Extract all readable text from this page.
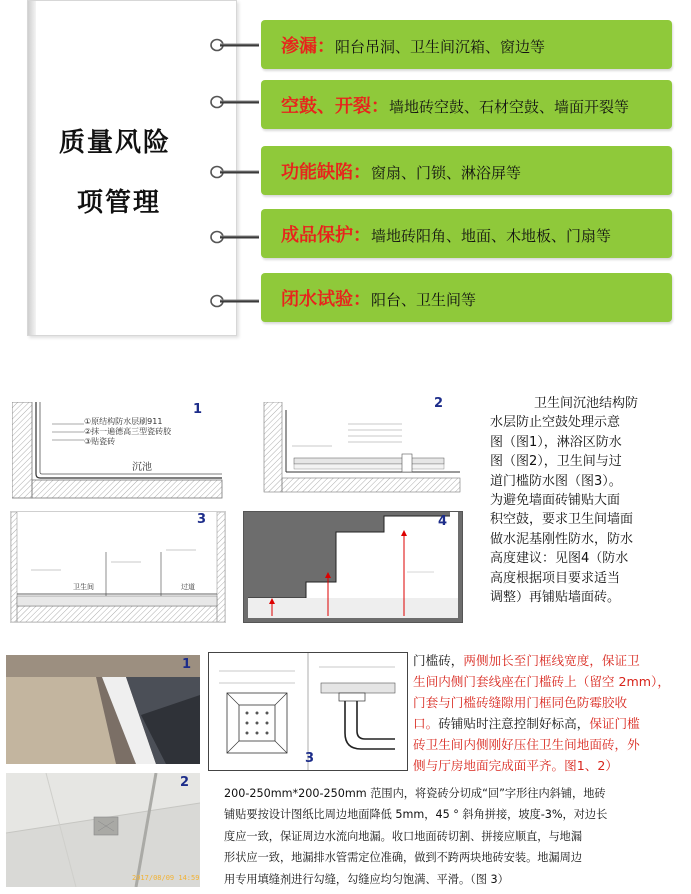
质量风险
项管理
渗漏：阳台吊洞、卫生间沉箱、窗边等
空鼓、开裂：墙地砖空鼓、石材空鼓、墙面开裂等
功能缺陷：窗扇、门锁、淋浴屏等
成品保护：墙地砖阳角、地面、木地板、门扇等
闭水试验：阳台、卫生间等
1
①原结构防水层刷911
②抹一遍德高三型瓷砖胶
③贴瓷砖
沉池
2
3
卫生间	过道
4
卫生间沉池结构防
水层防止空鼓处理示意
图（图1），淋浴区防水
图（图2），卫生间与过
道门槛防水图（图3）。
为避免墙面砖铺贴大面
积空鼓，要求卫生间墙面
做水泥基刚性防水，防水
高度建议：见图4（防水
高度根据项目要求适当
调整）再铺贴墙面砖。
1
2
2017/08/09 14:59
3
门槛砖，两侧加长至门框线宽度，保证卫
生间内侧门套线座在门槛砖上（留空 2mm），
门套与门槛砖缝隙用门框同色防霉胶收
口。砖铺贴时注意控制好标高，保证门槛
砖卫生间内侧刚好压住卫生间地面砖，外
侧与厅房地面完成面平齐。图1、2）
200-250mm*200-250mm 范围内，将瓷砖分切成“回”字形往内斜铺，地砖
铺贴要按设计图纸比周边地面降低 5mm，45 ° 斜角拼接，坡度-3%，对边长
度应一致，保证周边水流向地漏。收口地面砖切割、拼接应顺直，与地漏
形状应一致，地漏排水管需定位准确，做到不跨两块地砖安装。地漏周边
用专用填缝剂进行勾缝，勾缝应均匀饱满、平滑。（图 3）
